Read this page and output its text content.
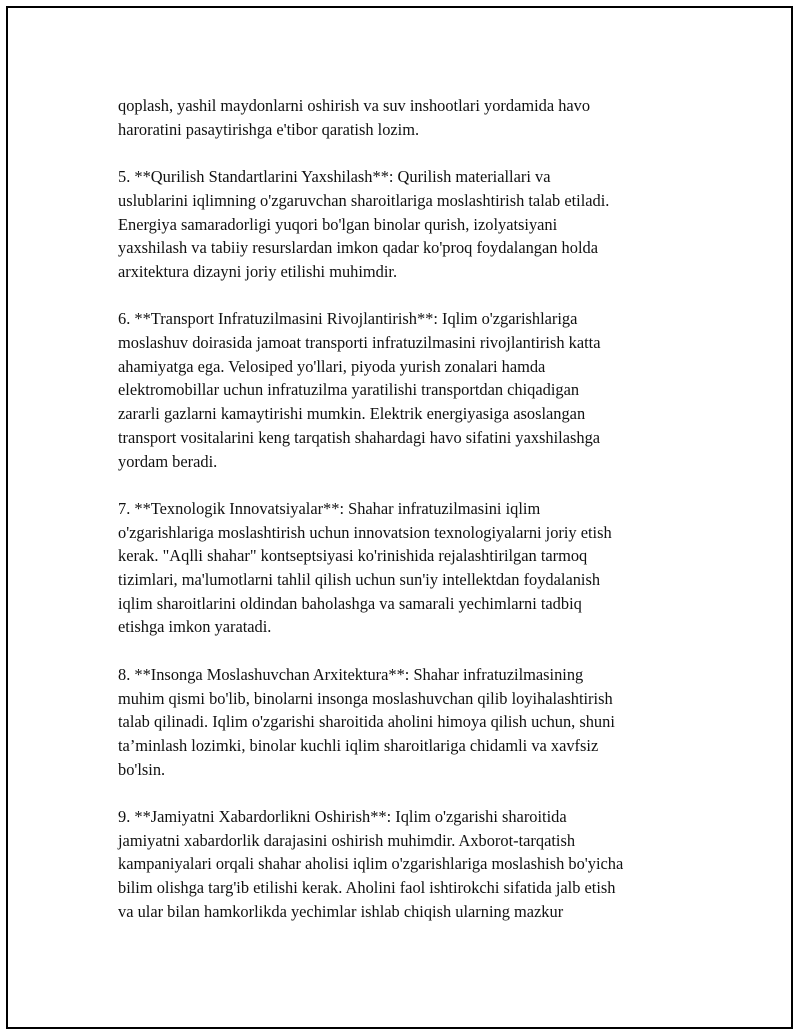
qoplash, yashil maydonlarni oshirish va suv inshootlari yordamida havo
haroratini pasaytirishga e'tibor qaratish lozim.
5. **Qurilish Standartlarini Yaxshilash**: Qurilish materiallari va
uslublarini iqlimning o'zgaruvchan sharoitlariga moslashtirish talab etiladi.
Energiya samaradorligi yuqori bo'lgan binolar qurish, izolyatsiyani
yaxshilash va tabiiy resurslardan imkon qadar ko'proq foydalangan holda
arxitektura dizayni joriy etilishi muhimdir.
6. **Transport Infratuzilmasini Rivojlantirish**: Iqlim o'zgarishlariga
moslashuv doirasida jamoat transporti infratuzilmasini rivojlantirish katta
ahamiyatga ega. Velosiped yo'llari, piyoda yurish zonalari hamda
elektromobillar uchun infratuzilma yaratilishi transportdan chiqadigan
zararli gazlarni kamaytirishi mumkin. Elektrik energiyasiga asoslangan
transport vositalarini keng tarqatish shahardagi havo sifatini yaxshilashga
yordam beradi.
7. **Texnologik Innovatsiyalar**: Shahar infratuzilmasini iqlim
o'zgarishlariga moslashtirish uchun innovatsion texnologiyalarni joriy etish
kerak. "Aqlli shahar" kontseptsiyasi ko'rinishida rejalashtirilgan tarmoq
tizimlari, ma'lumotlarni tahlil qilish uchun sun'iy intellektdan foydalanish
iqlim sharoitlarini oldindan baholashga va samarali yechimlarni tadbiq
etishga imkon yaratadi.
8. **Insonga Moslashuvchan Arxitektura**: Shahar infratuzilmasining
muhim qismi bo'lib, binolarni insonga moslashuvchan qilib loyihalashtirish
talab qilinadi. Iqlim o'zgarishi sharoitida aholini himoya qilish uchun, shuni
ta’minlash lozimki, binolar kuchli iqlim sharoitlariga chidamli va xavfsiz
bo'lsin.
9. **Jamiyatni Xabardorlikni Oshirish**: Iqlim o'zgarishi sharoitida
jamiyatni xabardorlik darajasini oshirish muhimdir. Axborot-tarqatish
kampaniyalari orqali shahar aholisi iqlim o'zgarishlariga moslashish bo'yicha
bilim olishga targ'ib etilishi kerak. Aholini faol ishtirokchi sifatida jalb etish
va ular bilan hamkorlikda yechimlar ishlab chiqish ularning mazkur
